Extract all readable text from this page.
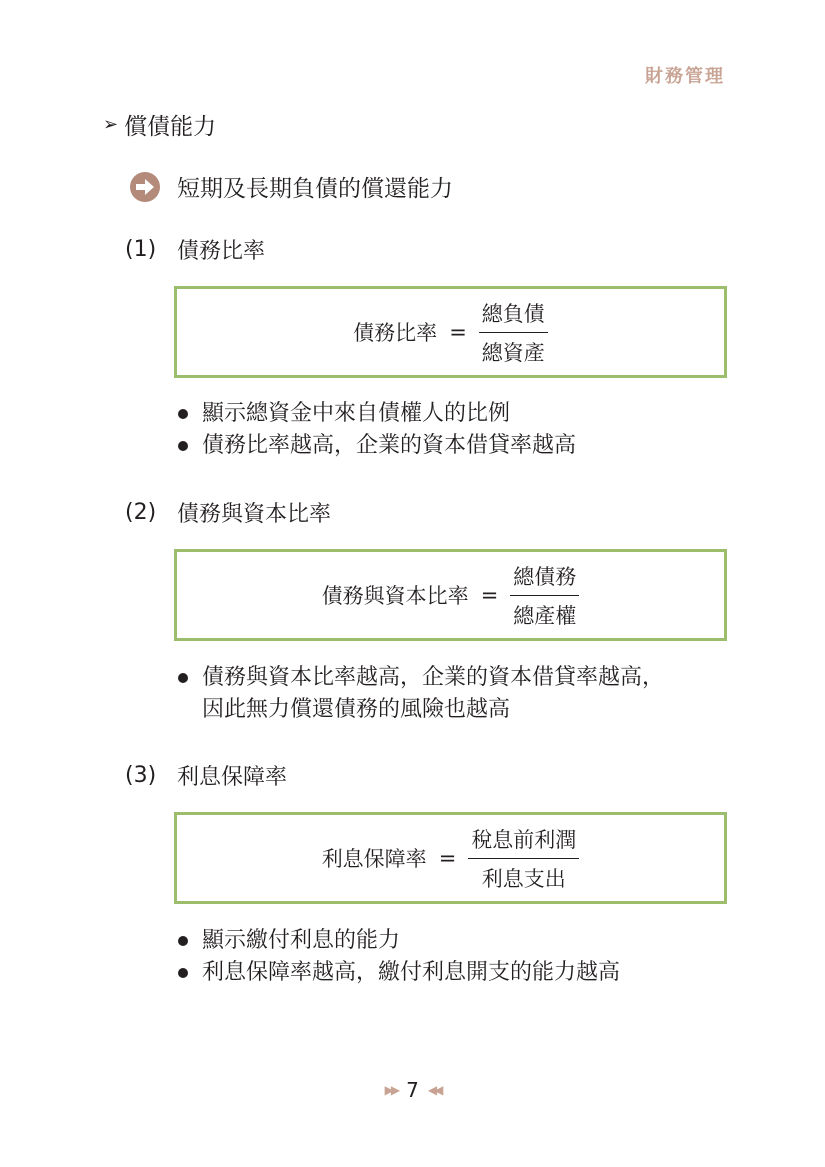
財務管理
➢ 償債能力
短期及長期負債的償還能力
(1) 債務比率
債務比率 = $\frac{\text{總負債}}{\text{總資產}}$
顯示總資金中來自債權人的比例
債務比率越高，企業的資本借貸率越高
(2) 債務與資本比率
債務與資本比率 = $\frac{\text{總債務}}{\text{總產權}}$
債務與資本比率越高，企業的資本借貸率越高，
因此無力償還債務的風險也越高
(3) 利息保障率
利息保障率 = $\frac{\text{稅息前利潤}}{\text{利息支出}}$
顯示繳付利息的能力
利息保障率越高，繳付利息開支的能力越高
▶▶ 7 ◀◀
